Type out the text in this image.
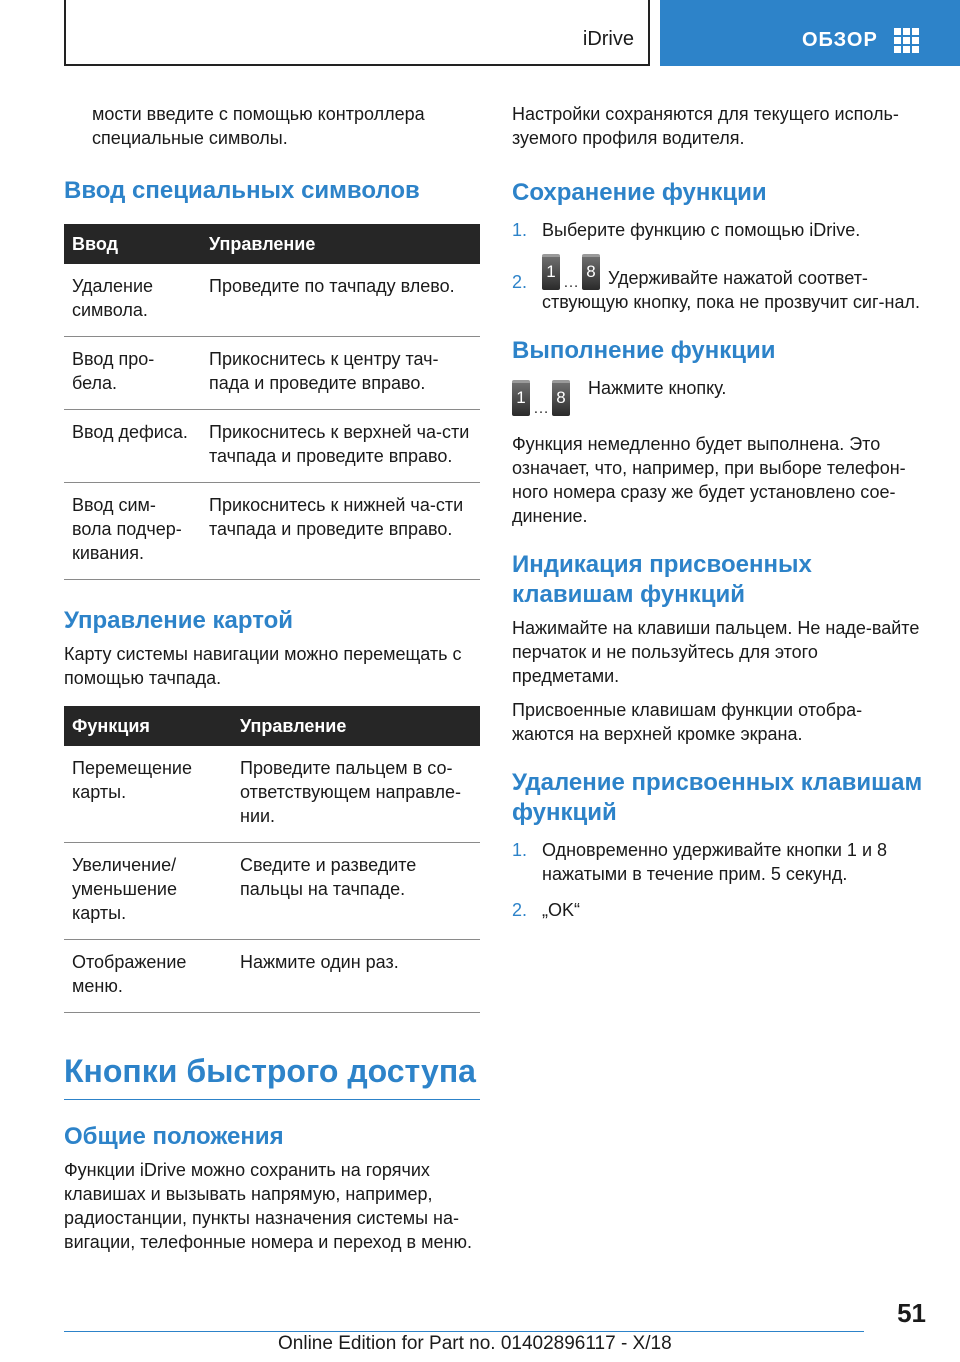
iDrive	ОБЗОР

мости введите с помощью контроллера специальные символы.

Ввод специальных символов
Ввод	Управление
Удаление символа.	Проведите по тачпаду влево.
Ввод про-бела.	Прикоснитесь к центру тач-пада и проведите вправо.
Ввод дефиса.	Прикоснитесь к верхней ча-сти тачпада и проведите вправо.
Ввод сим-вола подчер-кивания.	Прикоснитесь к нижней ча-сти тачпада и проведите вправо.
Управление картой

Карту системы навигации можно перемещать с помощью тачпада.

Функция	Управление
Перемещение карты.	Проведите пальцем в со-ответствующем направле-нии.
Увеличение/ уменьшение карты.	Сведите и разведите пальцы на тачпаде.
Отображение меню.	Нажмите один раз.
Кнопки быстрого доступа
Общие положения

Функции iDrive можно сохранить на горячих клавишах и вызывать напрямую, например, радиостанции, пункты назначения системы на-вигации, телефонные номера и переход в меню.

Настройки сохраняются для текущего исполь-зуемого профиля водителя.

Сохранение функции
1. Выберите функцию с помощью iDrive.
2.
1
…
8 Удерживайте нажатой соответ-ствующую кнопку, пока не прозвучит сиг-нал.
Выполнение функции
1
…
8	Нажмите кнопку.

Функция немедленно будет выполнена. Это означает, что, например, при выборе телефон-ного номера сразу же будет установлено сое-динение.

Индикация присвоенных клавишам функций

Нажимайте на клавиши пальцем. Не наде-вайте перчаток и не пользуйтесь для этого предметами.

Присвоенные клавишам функции отобра-жаются на верхней кромке экрана.

Удаление присвоенных клавишам функций
1. Одновременно удерживайте кнопки 1 и 8 нажатыми в течение прим. 5 секунд.
2. „OK“
51
Online Edition for Part no. 01402896117 - X/18
